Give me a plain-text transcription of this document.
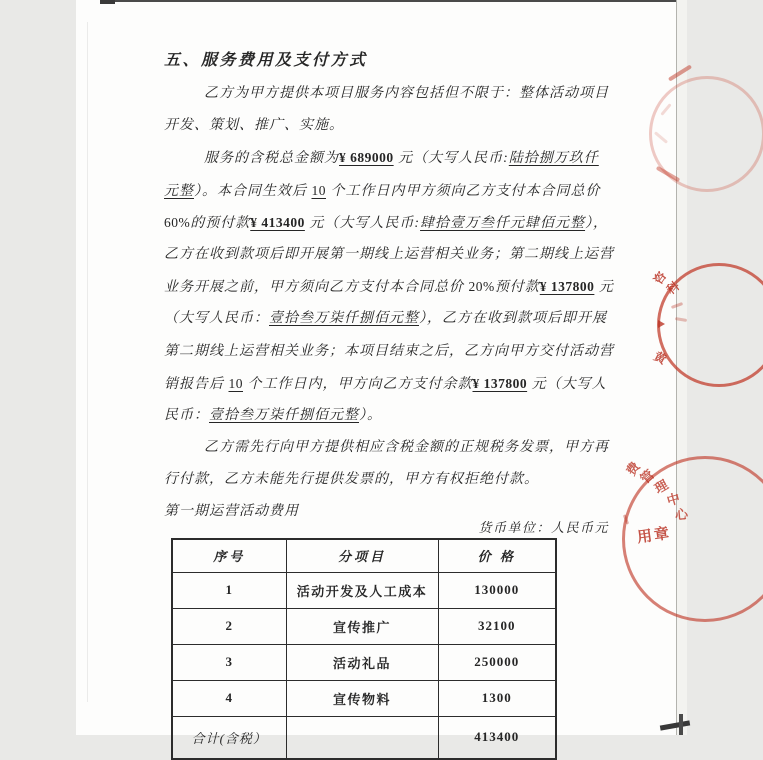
五、服务费用及支付方式
乙方为甲方提供本项目服务内容包括但不限于：整体活动项目
开发、策划、推广、实施。
服务的含税总金额为¥ 689000 元（大写人民币:陆拾捌万玖仟
元整）。本合同生效后 10 个工作日内甲方须向乙方支付本合同总价
60%的预付款¥ 413400 元（大写人民币:肆拾壹万叁仟元肆佰元整），
乙方在收到款项后即开展第一期线上运营相关业务；第二期线上运营
业务开展之前，甲方须向乙方支付本合同总价 20%预付款¥ 137800 元
（大写人民币：壹拾叁万柒仟捌佰元整），乙方在收到款项后即开展
第二期线上运营相关业务；本项目结束之后，乙方向甲方交付活动营
销报告后 10 个工作日内，甲方向乙方支付余款¥ 137800 元（大写人
民币：壹拾叁万柒仟捌佰元整）。
乙方需先行向甲方提供相应含税金额的正规税务发票，甲方再
行付款，乙方未能先行提供发票的，甲方有权拒绝付款。
第一期运营活动费用
货币单位：人民币元
序号	分项目	价 格
1	活动开发及人工成本	130000
2	宣传推广	32100
3	活动礼品	250000
4	宣传物料	1300
合计(含税）		413400
咨
科
黄
费
管
理
中
心
用章
